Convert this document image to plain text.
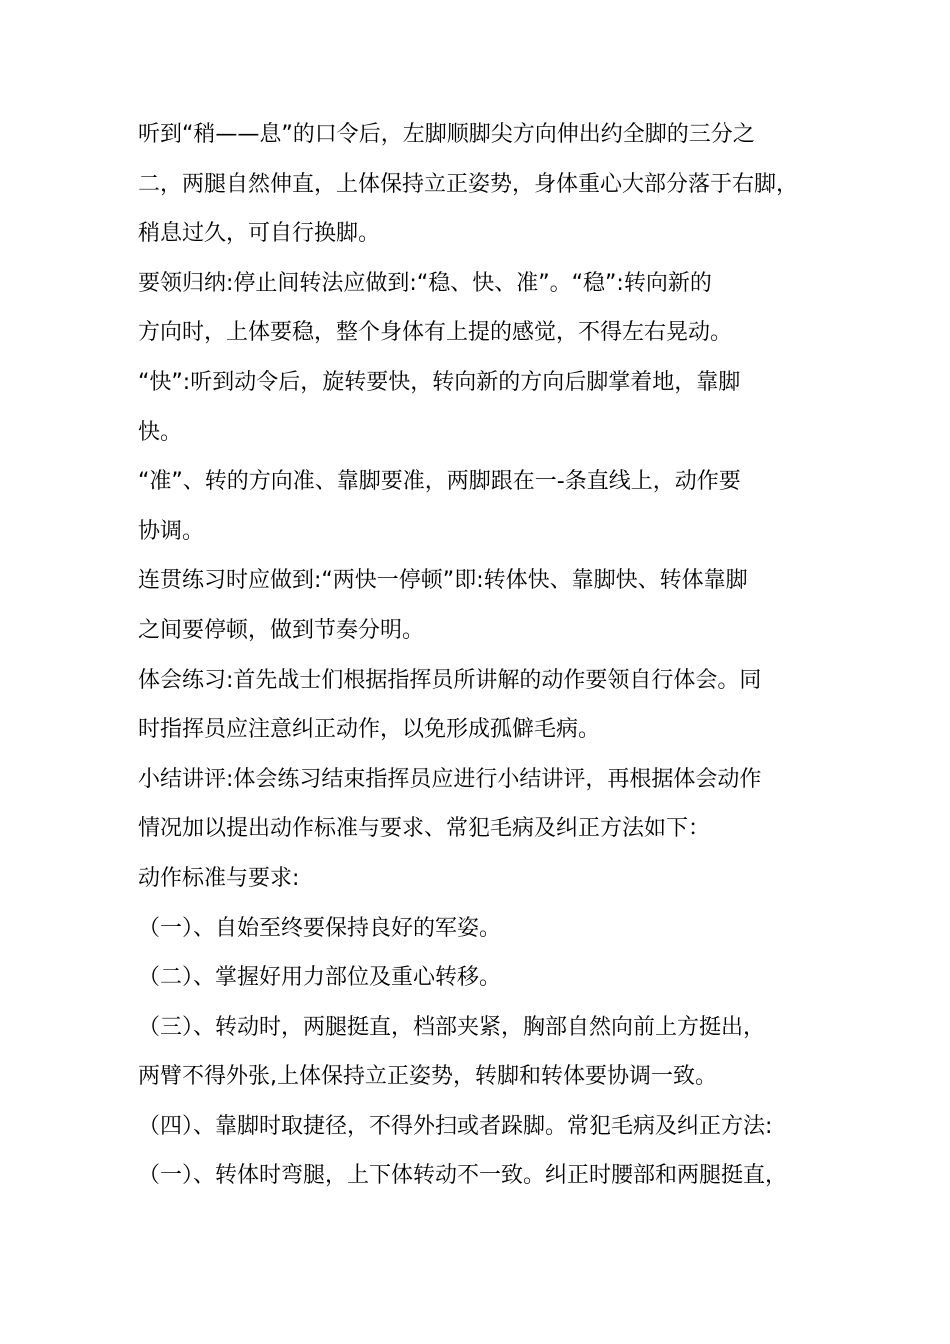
听到“稍——息”的口令后，左脚顺脚尖方向伸出约全脚的三分之
二，两腿自然伸直，上体保持立正姿势，身体重心大部分落于右脚，
稍息过久，可自行换脚。
要领归纳:停止间转法应做到:“稳、快、准”。“稳”:转向新的
方向时，上体要稳，整个身体有上提的感觉，不得左右晃动。
“快”:听到动令后，旋转要快，转向新的方向后脚掌着地，靠脚
快。
“准”、转的方向准、靠脚要准，两脚跟在一-条直线上，动作要
协调。
连贯练习时应做到:“两快一停顿”即:转体快、靠脚快、转体靠脚
之间要停顿，做到节奏分明。
体会练习:首先战士们根据指挥员所讲解的动作要领自行体会。同
时指挥员应注意纠正动作，以免形成孤僻毛病。
小结讲评:体会练习结束指挥员应进行小结讲评，再根据体会动作
情况加以提出动作标准与要求、常犯毛病及纠正方法如下：
动作标准与要求:
（一）、自始至终要保持良好的军姿。
（二）、掌握好用力部位及重心转移。
（三）、转动时，两腿挺直，档部夹紧，胸部自然向前上方挺出，
两臂不得外张,上体保持立正姿势，转脚和转体要协调一致。
（四）、靠脚时取捷径，不得外扫或者跺脚。常犯毛病及纠正方法:
（一）、转体时弯腿，上下体转动不一致。纠正时腰部和两腿挺直，
